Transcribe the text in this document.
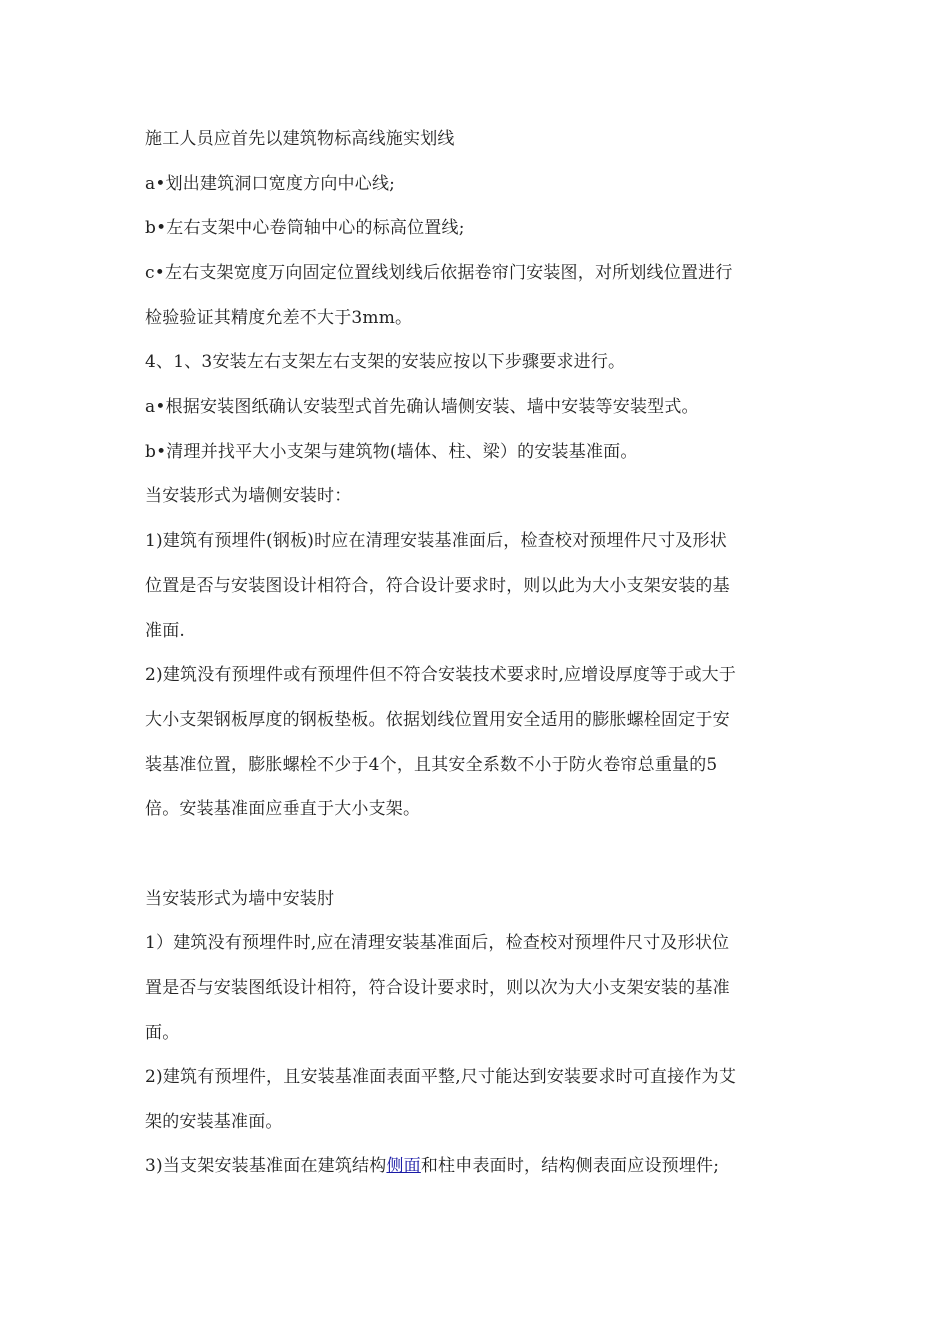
施工人员应首先以建筑物标高线施实划线
a•划出建筑洞口宽度方向中心线;
b•左右支架中心卷筒轴中心的标高位置线;
c•左右支架宽度万向固定位置线划线后依据卷帘门安装图，对所划线位置进行
检验验证其精度允差不大于3mm。
4、1、3安装左右支架左右支架的安装应按以下步骤要求进行。
a•根据安装图纸确认安装型式首先确认墙侧安装、墙中安装等安装型式。
b•清理并找平大小支架与建筑物(墙体、柱、梁）的安装基准面。
当安装形式为墙侧安装时：
1)建筑有预埋件(钢板)时应在清理安装基准面后，检查校对预埋件尺寸及形状
位置是否与安装图设计相符合，符合设计要求时，则以此为大小支架安装的基
准面.
2)建筑没有预埋件或有预埋件但不符合安装技术要求时,应增设厚度等于或大于
大小支架钢板厚度的钢板垫板。依据划线位置用安全适用的膨胀螺栓固定于安
装基准位置，膨胀螺栓不少于4个，且其安全系数不小于防火卷帘总重量的5
倍。安装基准面应垂直于大小支架。
当安装形式为墙中安装肘
1）建筑没有预埋件时,应在清理安装基准面后，检查校对预埋件尺寸及形状位
置是否与安装图纸设计相符，符合设计要求时，则以次为大小支架安装的基准
面。
2)建筑有预埋件，且安装基准面表面平整,尺寸能达到安装要求时可直接作为艾
架的安装基准面。
3)当支架安装基准面在建筑结构侧面和柱申表面时，结构侧表面应设预埋件;
